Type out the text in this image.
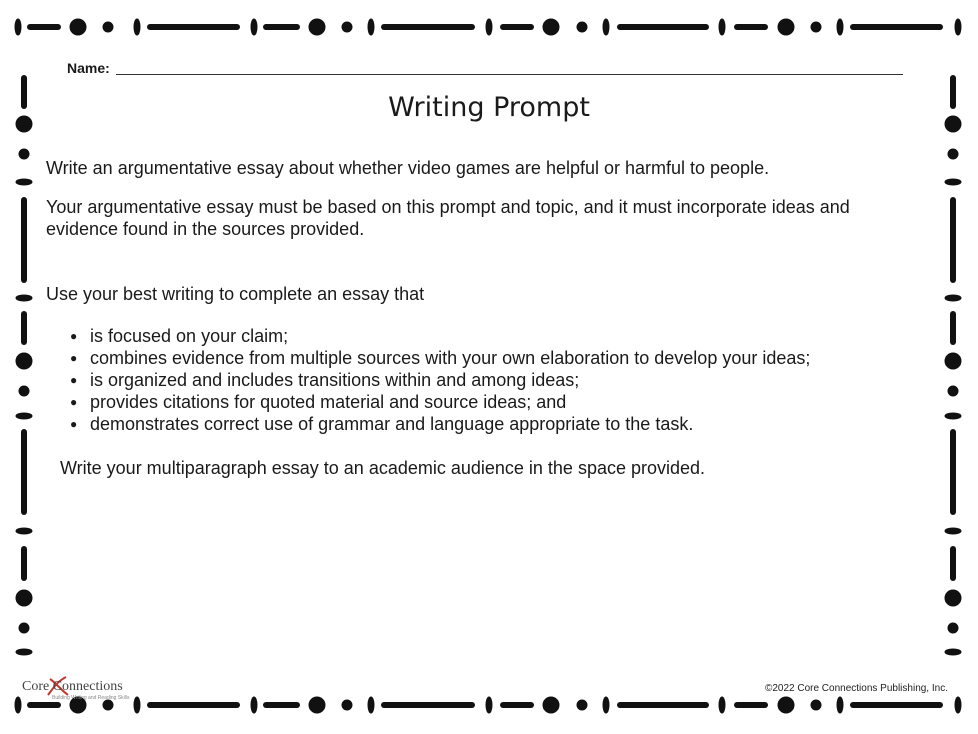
Name:
Writing Prompt

Write an argumentative essay about whether video games are helpful or harmful to people.

Your argumentative essay must be based on this prompt and topic, and it must incorporate ideas and evidence found in the sources provided.

Use your best writing to complete an essay that

● is focused on your claim;
● combines evidence from multiple sources with your own elaboration to develop your ideas;
● is organized and includes transitions within and among ideas;
● provides citations for quoted material and source ideas; and
● demonstrates correct use of grammar and language appropriate to the task.

Write your multiparagraph essay to an academic audience in the space provided.

Core Connections
Building Writing and Reading Skills
©2022 Core Connections Publishing, Inc.
